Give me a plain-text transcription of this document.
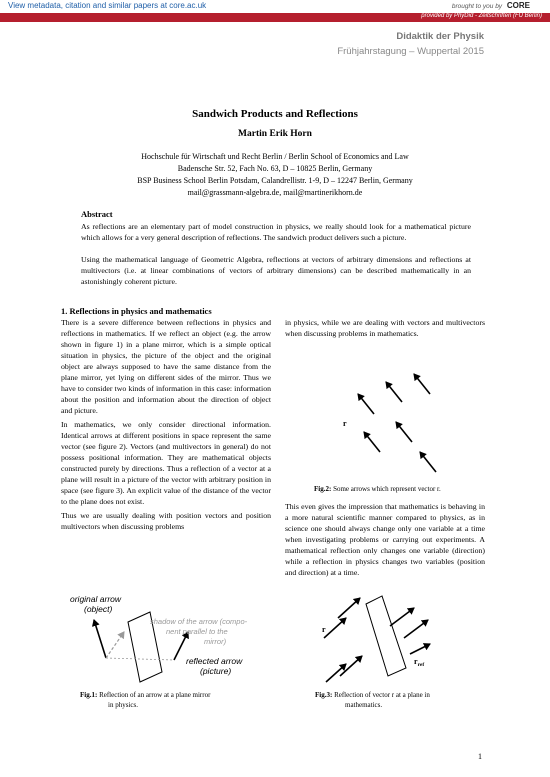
View metadata, citation and similar papers at core.ac.uk	brought to you by CORE
provided by PhyDid - Zeitschriften (FU Berlin)
Didaktik der Physik
Frühjahrstagung – Wuppertal 2015
Sandwich Products and Reflections
Martin Erik Horn
Hochschule für Wirtschaft und Recht Berlin / Berlin School of Economics and Law
Badensche Str. 52, Fach No. 63, D – 10825 Berlin, Germany
BSP Business School Berlin Potsdam, Calandrellistr. 1-9, D – 12247 Berlin, Germany
mail@grassmann-algebra.de, mail@martinerikhorn.de
Abstract
As reflections are an elementary part of model construction in physics, we really should look for a mathematical picture which allows for a very general description of reflections. The sandwich product delivers such a picture.
Using the mathematical language of Geometric Algebra, reflections at vectors of arbitrary dimensions and reflections at multivectors (i.e. at linear combinations of vectors of arbitrary dimensions) can be described mathematically in an astonishingly coherent picture.
1. Reflections in physics and mathematics

There is a severe difference between reflections in physics and reflections in mathematics. If we reflect an object (e.g. the arrow shown in figure 1) in a plane mirror, which is a simple optical situation in physics, the picture of the object and the original object are always supposed to have the same distance from the plane mirror, yet lying on different sides of the mirror. Thus we have to consider two kinds of information in this case: information about the position and information about the direction of object and picture.

In mathematics, we only consider directional information. Identical arrows at different positions in space represent the same vector (see figure 2). Vectors (and multivectors in general) do not possess positional information. They are mathematical objects constructed purely by directions. Thus a reflection of a vector at a plane will result in a picture of the vector with arbitrary position in space (see figure 3). An explicit value of the distance of the vector to the plane does not exist.

Thus we are usually dealing with position vectors and position multivectors when discussing problems

in physics, while we are dealing with vectors and multivectors when discussing problems in mathematics.
r
Fig.2: Some arrows which represent vector r.
This even gives the impression that mathematics is behaving in a more natural scientific manner compared to physics, as in science one should always change only one variable at a time when investigating problems or carrying out experiments. A mathematical reflection only changes one variable (direction) while a reflection in physics changes two variables (position and direction) at a time.
original arrow
(object)
shadow of the arrow (compo-
nent parallel to the
mirror)
reflected arrow
(picture)
Fig.1: Reflection of an arrow at a plane mirror
in physics.
r
$r_{ref}$
Fig.3: Reflection of vector r at a plane in
mathematics.
1
